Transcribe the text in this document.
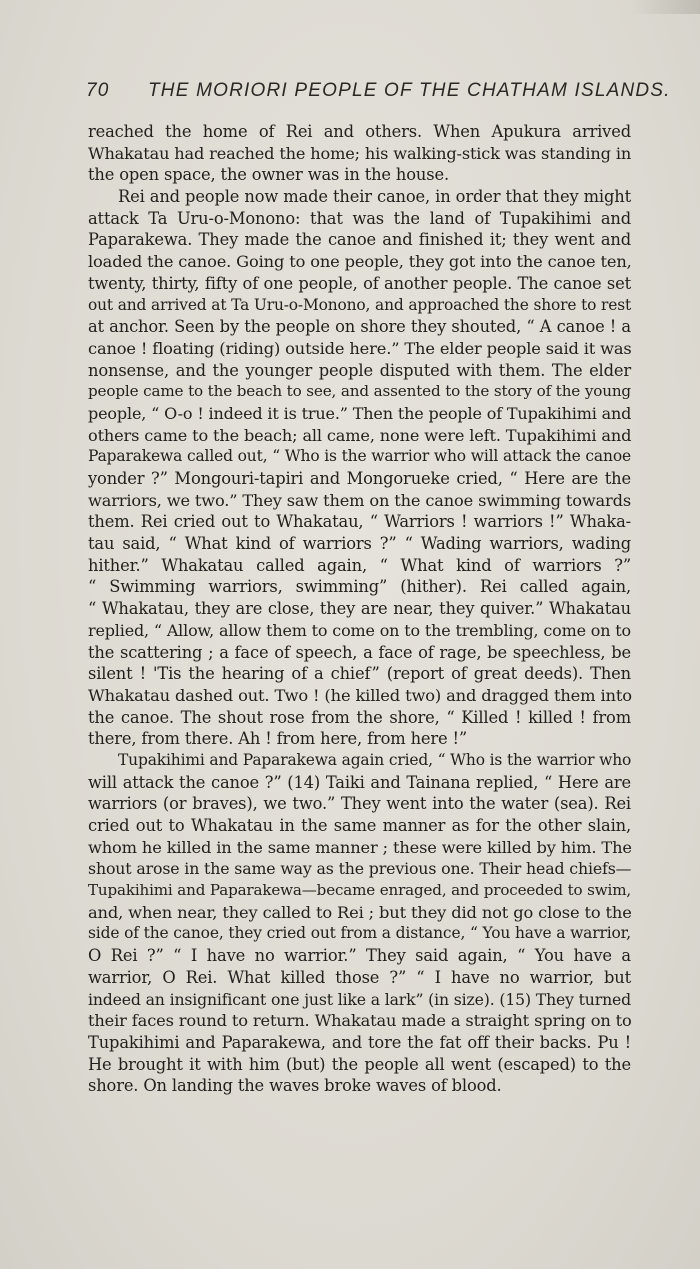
70 THE MORIORI PEOPLE OF THE CHATHAM ISLANDS.
reached the home of Rei and others. When Apukura arrived
Whakatau had reached the home; his walking-stick was standing in
the open space, the owner was in the house.
Rei and people now made their canoe, in order that they might
attack Ta Uru-o-Monono: that was the land of Tupakihimi and
Paparakewa. They made the canoe and finished it; they went and
loaded the canoe. Going to one people, they got into the canoe ten,
twenty, thirty, fifty of one people, of another people. The canoe set
out and arrived at Ta Uru-o-Monono, and approached the shore to rest
at anchor. Seen by the people on shore they shouted, “ A canoe ! a
canoe ! floating (riding) outside here.” The elder people said it was
nonsense, and the younger people disputed with them. The elder
people came to the beach to see, and assented to the story of the young
people, “ O-o ! indeed it is true.” Then the people of Tupakihimi and
others came to the beach; all came, none were left. Tupakihimi and
Paparakewa called out, “ Who is the warrior who will attack the canoe
yonder ?” Mongouri-tapiri and Mongorueke cried, “ Here are the
warriors, we two.” They saw them on the canoe swimming towards
them. Rei cried out to Whakatau, “ Warriors ! warriors !” Whaka-
tau said, “ What kind of warriors ?” “ Wading warriors, wading
hither.” Whakatau called again, “ What kind of warriors ?”
“ Swimming warriors, swimming” (hither). Rei called again,
“ Whakatau, they are close, they are near, they quiver.” Whakatau
replied, “ Allow, allow them to come on to the trembling, come on to
the scattering ; a face of speech, a face of rage, be speechless, be
silent ! 'Tis the hearing of a chief” (report of great deeds). Then
Whakatau dashed out. Two ! (he killed two) and dragged them into
the canoe. The shout rose from the shore, “ Killed ! killed ! from
there, from there. Ah ! from here, from here !”
Tupakihimi and Paparakewa again cried, “ Who is the warrior who
will attack the canoe ?” (14) Taiki and Tainana replied, “ Here are
warriors (or braves), we two.” They went into the water (sea). Rei
cried out to Whakatau in the same manner as for the other slain,
whom he killed in the same manner ; these were killed by him. The
shout arose in the same way as the previous one. Their head chiefs—
Tupakihimi and Paparakewa—became enraged, and proceeded to swim,
and, when near, they called to Rei ; but they did not go close to the
side of the canoe, they cried out from a distance, “ You have a warrior,
O Rei ?” “ I have no warrior.” They said again, “ You have a
warrior, O Rei. What killed those ?” “ I have no warrior, but
indeed an insignificant one just like a lark” (in size). (15) They turned
their faces round to return. Whakatau made a straight spring on to
Tupakihimi and Paparakewa, and tore the fat off their backs. Pu !
He brought it with him (but) the people all went (escaped) to the
shore. On landing the waves broke waves of blood.
